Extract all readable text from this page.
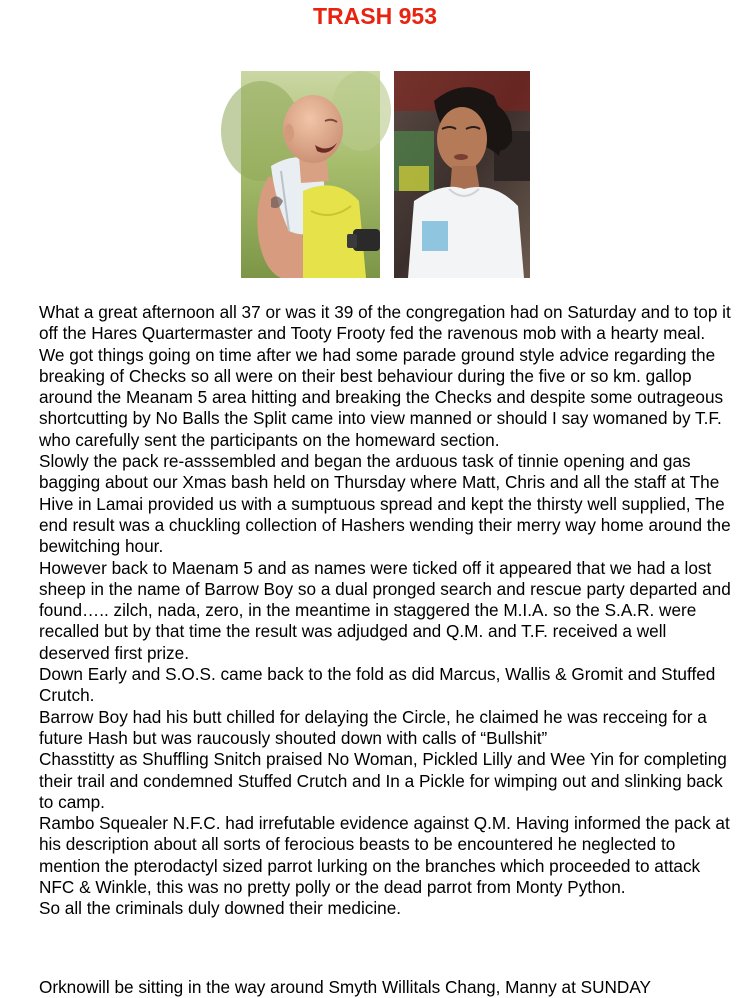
TRASH 953

What a great afternoon all 37 or was it 39 of the congregation had on Saturday and to top it off the Hares Quartermaster and Tooty Frooty fed the ravenous mob with a hearty meal.

We got things going on time after we had some parade ground style advice regarding the breaking of Checks so all were on their best behaviour during the five or so km. gallop around the Meanam 5 area hitting and breaking the Checks and despite some outrageous shortcutting by No Balls the Split came into view manned or should I say womaned by T.F. who carefully sent the participants on the homeward section.

Slowly the pack re-asssembled and began the arduous task of tinnie opening and gas bagging about our Xmas bash held on Thursday where Matt, Chris and all the staff at The Hive in Lamai provided us with a sumptuous spread and kept the thirsty well supplied, The end result was a chuckling collection of Hashers wending their merry way home around the bewitching hour.

However back to Maenam 5 and as names were ticked off it appeared that we had a lost sheep in the name of Barrow Boy so a dual pronged search and rescue party departed and found….. zilch, nada, zero, in the meantime in staggered the M.I.A. so the S.A.R. were recalled but by that time the result was adjudged and Q.M. and T.F. received a well deserved first prize.

Down Early and S.O.S. came back to the fold as did Marcus, Wallis & Gromit and Stuffed Crutch.

Barrow Boy had his butt chilled for delaying the Circle, he claimed he was recceing for a future Hash but was raucously shouted down with calls of “Bullshit”

Chasstitty as Shuffling Snitch praised No Woman, Pickled Lilly and Wee Yin for completing their trail and condemned Stuffed Crutch and In a Pickle for wimping out and slinking back to camp.

Rambo Squealer N.F.C. had irrefutable evidence against Q.M. Having informed the pack at his description about all sorts of ferocious beasts to be encountered he neglected to mention the pterodactyl sized parrot lurking on the branches which proceeded to attack NFC & Winkle, this was no pretty polly or the dead parrot from Monty Python.

So all the criminals duly downed their medicine.

Orknowill be sitting in the way around Smyth Willitals Chang, Manny at SUNDAY
